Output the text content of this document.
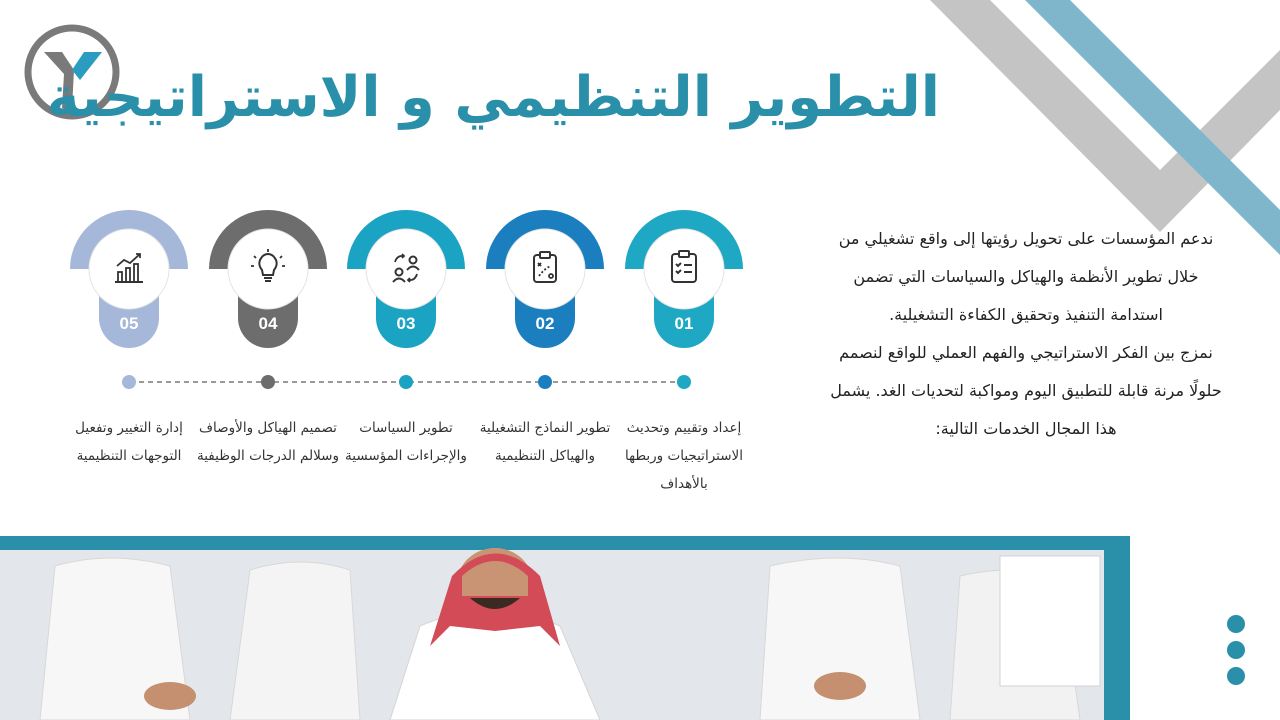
التطوير التنظيمي و الاستراتيجية

ندعم المؤسسات على تحويل رؤيتها إلى واقع تشغيلي من خلال تطوير الأنظمة والهياكل والسياسات التي تضمن استدامة التنفيذ وتحقيق الكفاءة التشغيلية.

نمزج بين الفكر الاستراتيجي والفهم العملي للواقع لنصمم حلولًا مرنة قابلة للتطبيق اليوم ومواكبة لتحديات الغد. يشمل هذا المجال الخدمات التالية:

01
02
03
04
05
إعداد وتقييم وتحديث الاستراتيجيات وربطها بالأهداف
تطوير النماذج التشغيلية والهياكل التنظيمية
تطوير السياسات والإجراءات المؤسسية
تصميم الهياكل والأوصاف وسلالم الدرجات الوظيفية
إدارة التغيير وتفعيل التوجهات التنظيمية
